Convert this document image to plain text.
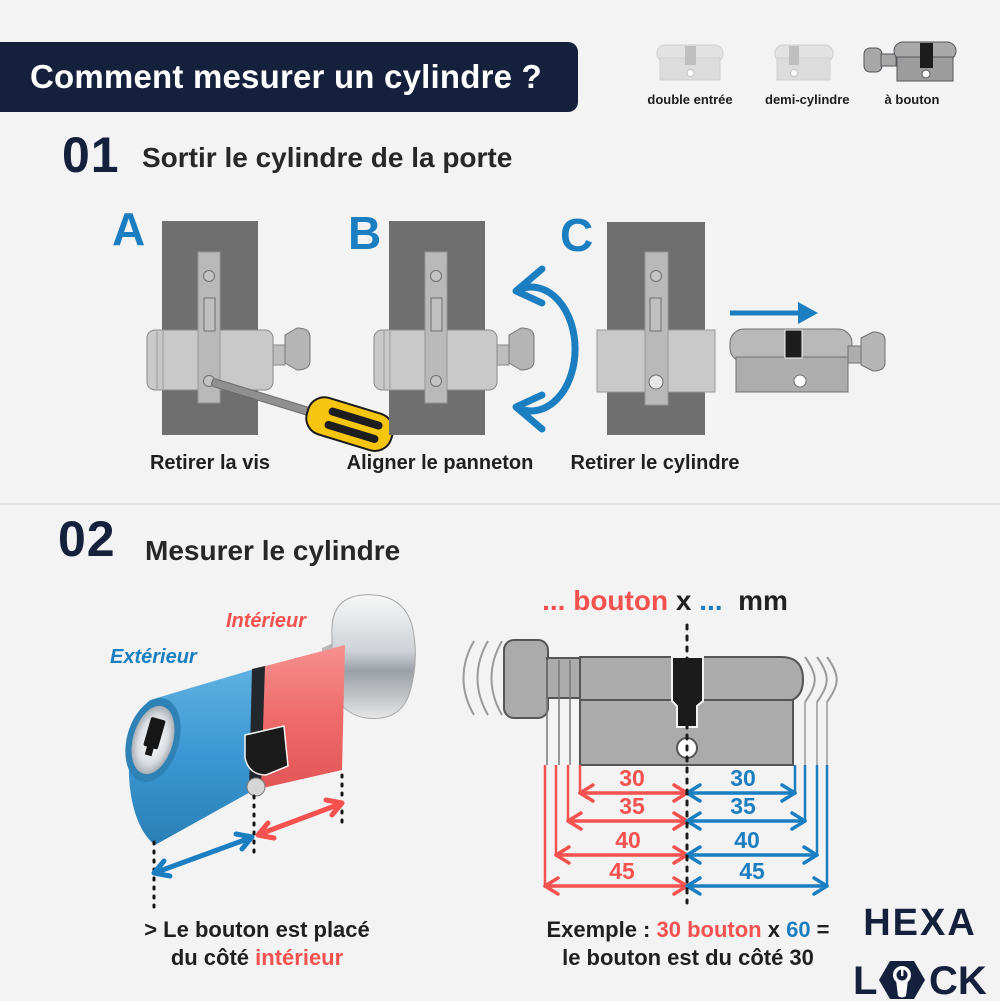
Comment mesurer un cylindre ?
double entrée demi-cylindre	à bouton
01 Sortir le cylindre de la porte
A	B	C
Retirer la vis	Aligner le panneton	Retirer le cylindre
02 Mesurer le cylindre
Intérieur
Extérieur
... bouton x ... mm
30
35
40
45
30
35
40
45
> Le bouton est placé
du côté intérieur
Exemple : 30 bouton x 60 =
le bouton est du côté 30
HEXA
L CK
